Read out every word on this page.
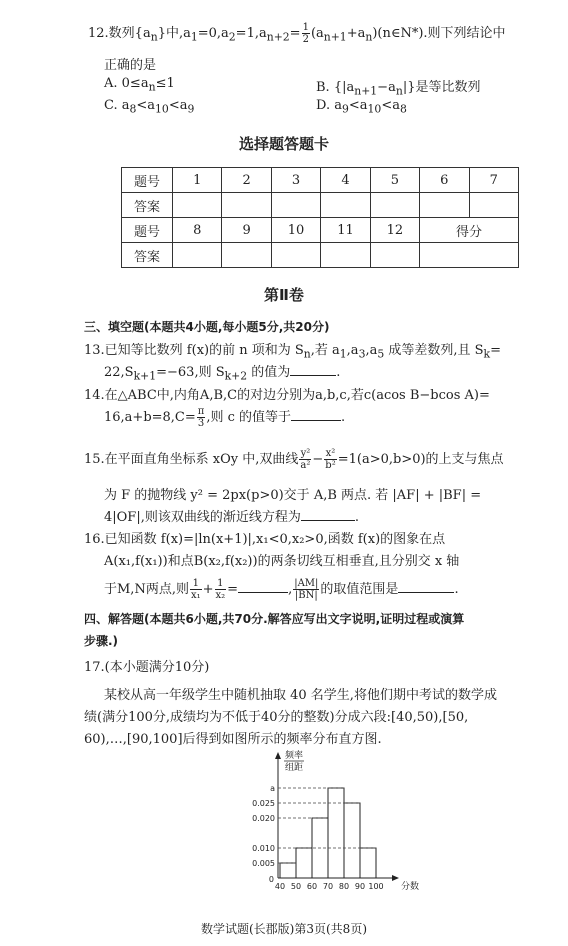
12.数列$\{a_n\}$中$,a_1=0,a_2=1,a_{n+2}= \frac{1}{2}$ $(a_{n+1}+a_n)(n\in N*)$.则下列结论中
正确的是
A. $0\le a_n\le 1$	B. $\{|a_{n+1}-a_n|\}$是等比数列
C. $a_8<a_{10}<a_9$	D. $a_9<a_{10}<a_8$
选择题答题卡
题号	1	2	3	4	5	6	7
答案							
题号	8	9	10	11	12	得分	
答案							
第Ⅱ卷
三、填空题(本题共4小题,每小题5分,共20分)
13.已知等比数列 f(x)的前 n 项和为 $S_n$,若 $a_1,a_3,a_5$ 成等差数列,且 $S_k=$
$22,S_{k+1}=-63$,则 $S_{k+2}$ 的值为	.
14.在△ABC中,内角A,B,C的对边分别为a,b,c,若c(acos B−bcos A)=
$16,a+b=8,C= \frac{\pi}{3}$ ,则 c 的值等于	.
15.在平面直角坐标系 xOy 中,双曲线 $\frac{\text{y²}}{\text{a²}} - \frac{\text{x²}}{\text{b²}} =1(a>0,b>0)$的上支与焦点
为 F 的抛物线 y² = 2px(p>0)交于 A,B 两点. 若 |AF| + |BF| =
4|OF|,则该双曲线的渐近线方程为	.
16.已知函数 f(x)=|ln(x+1)|,x₁<0,x₂>0,函数 f(x)的图象在点
A(x₁,f(x₁))和点B(x₂,f(x₂))的两条切线互相垂直,且分别交 x 轴
于M,N两点,则 $\frac{1}{\text{x₁}} + \frac{1}{\text{x₂}}$ =	, $\frac{|AM|}{|BN|}$ 的取值范围是	.
四、解答题(本题共6小题,共70分.解答应写出文字说明,证明过程或演算
步骤.)
17.(本小题满分10分)
某校从高一年级学生中随机抽取 40 名学生,将他们期中考试的数学成
绩(满分100分,成绩均为不低于40分的整数)分成六段:[40,50),[50,
60),…,[90,100]后得到如图所示的频率分布直方图.
a
0.025
0.020
0.010
0.005
频率
组距
0
40 50 60 70 80 90 100 分数
数学试题(长郡版)第3页(共8页)
